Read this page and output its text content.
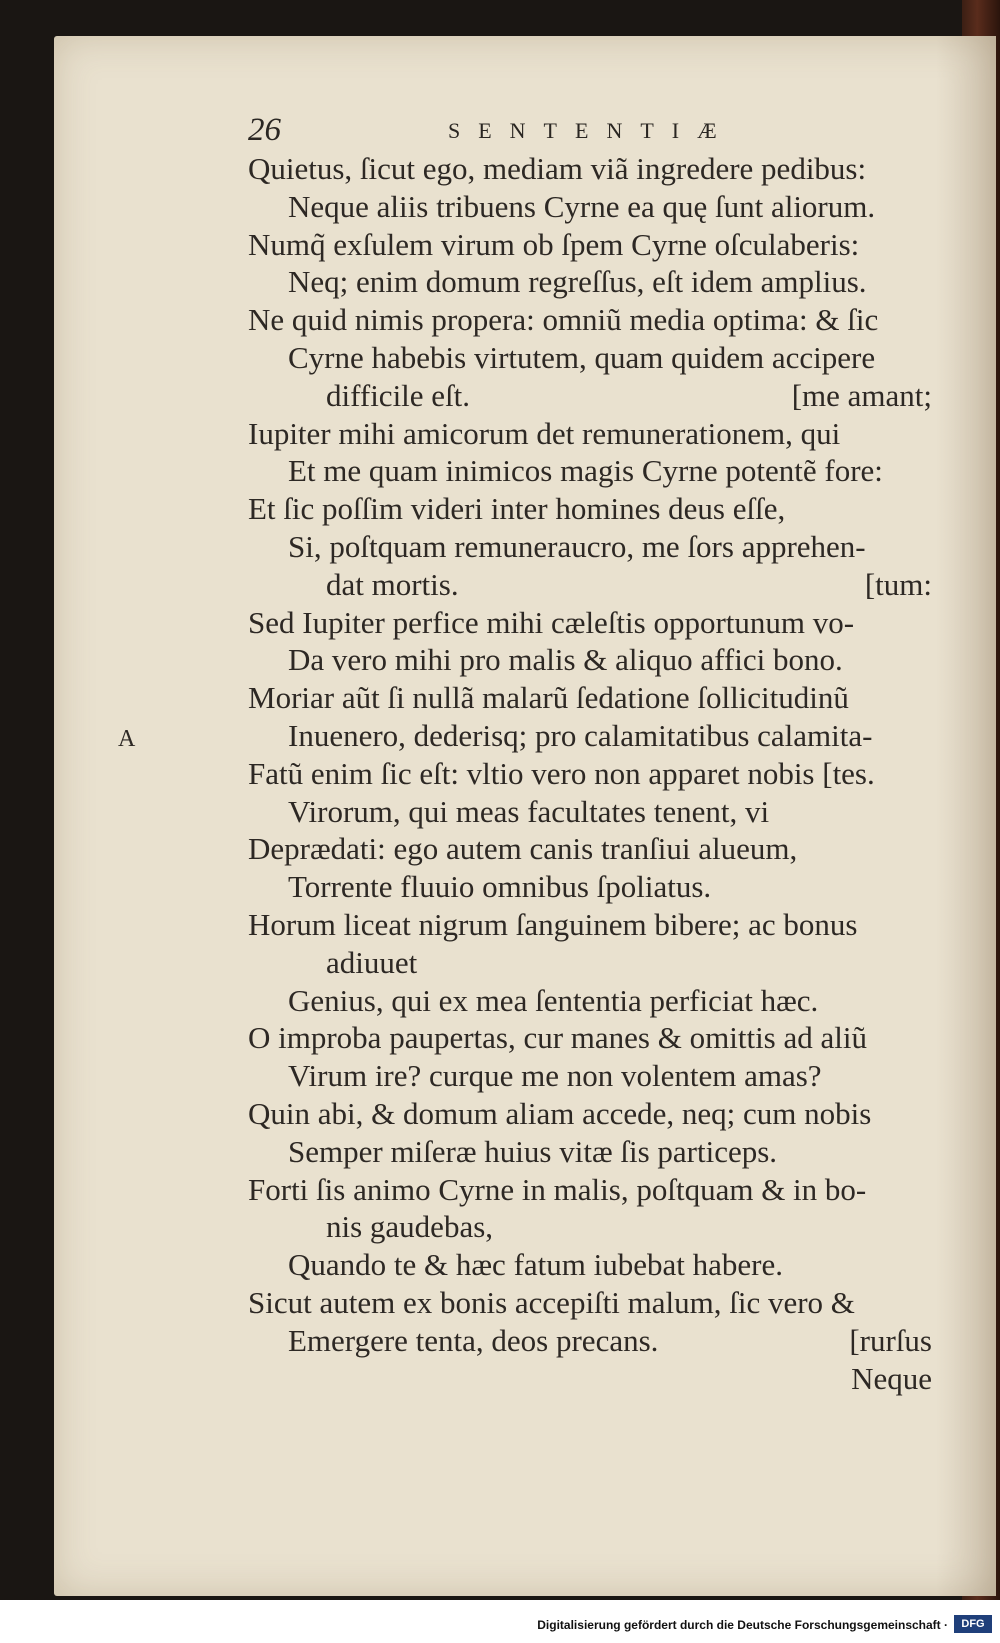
26	SENTENTIÆ
A
Quietus, ſicut ego, mediam viã ingredere pedibus:
Neque aliis tribuens Cyrne ea quę ſunt aliorum.
Numq̃ exſulem virum ob ſpem Cyrne oſculaberis:
Neq; enim domum regreſſus, eſt idem amplius.
Ne quid nimis propera: omniũ media optima: & ſic
Cyrne habebis virtutem, quam quidem accipere
difficile eſt.	[me amant;
Iupiter mihi amicorum det remunerationem, qui
Et me quam inimicos magis Cyrne potentẽ fore:
Et ſic poſſim videri inter homines deus eſſe,
Si, poſtquam remuneraucro, me ſors apprehen-
dat mortis.	[tum:
Sed Iupiter perfice mihi cæleſtis opportunum vo-
Da vero mihi pro malis & aliquo affici bono.
Moriar aũt ſi nullã malarũ ſedatione ſollicitudinũ
Inuenero, dederisq; pro calamitatibus calamita-
Fatũ enim ſic eſt: vltio vero non apparet nobis [tes.
Virorum, qui meas facultates tenent, vi
Deprædati: ego autem canis tranſiui alueum,
Torrente fluuio omnibus ſpoliatus.
Horum liceat nigrum ſanguinem bibere; ac bonus
adiuuet
Genius, qui ex mea ſententia perficiat hæc.
O improba paupertas, cur manes & omittis ad aliũ
Virum ire? curque me non volentem amas?
Quin abi, & domum aliam accede, neq; cum nobis
Semper miſeræ huius vitæ ſis particeps.
Forti ſis animo Cyrne in malis, poſtquam & in bo-
nis gaudebas,
Quando te & hæc fatum iubebat habere.
Sicut autem ex bonis accepiſti malum, ſic vero &
Emergere tenta, deos precans.	[rurſus
Neque
Digitalisierung gefördert durch die Deutsche Forschungsgemeinschaft ·	DFG
